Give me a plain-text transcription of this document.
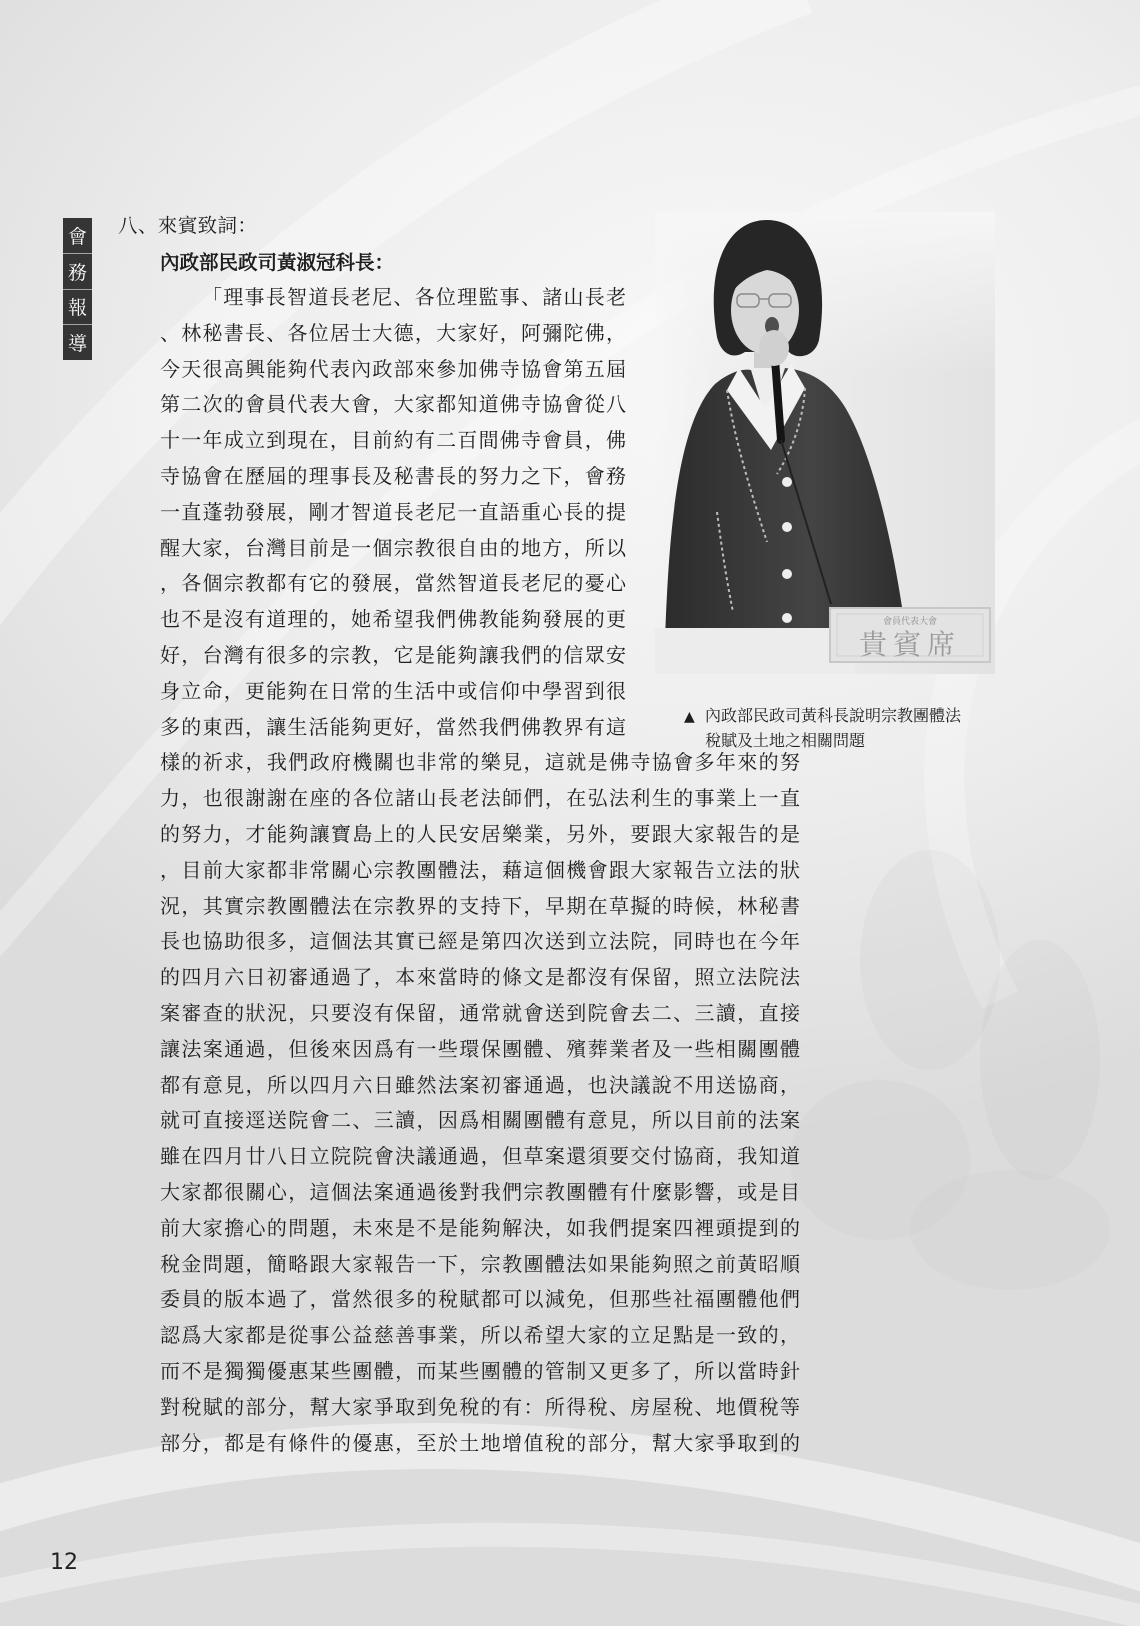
會
務
報
導
八、來賓致詞：
內政部民政司黃淑冠科長：
「理事長智道長老尼、各位理監事、諸山長老
、林秘書長、各位居士大德，大家好，阿彌陀佛，
今天很高興能夠代表內政部來參加佛寺協會第五屆
第二次的會員代表大會，大家都知道佛寺協會從八
十一年成立到現在，目前約有二百間佛寺會員，佛
寺協會在歷屆的理事長及秘書長的努力之下，會務
一直蓬勃發展，剛才智道長老尼一直語重心長的提
醒大家，台灣目前是一個宗教很自由的地方，所以
，各個宗教都有它的發展，當然智道長老尼的憂心
也不是沒有道理的，她希望我們佛教能夠發展的更
好，台灣有很多的宗教，它是能夠讓我們的信眾安
身立命，更能夠在日常的生活中或信仰中學習到很
多的東西，讓生活能夠更好，當然我們佛教界有這
樣的祈求，我們政府機關也非常的樂見，這就是佛寺協會多年來的努
力，也很謝謝在座的各位諸山長老法師們，在弘法利生的事業上一直
的努力，才能夠讓寶島上的人民安居樂業，另外，要跟大家報告的是
，目前大家都非常關心宗教團體法，藉這個機會跟大家報告立法的狀
況，其實宗教團體法在宗教界的支持下，早期在草擬的時候，林秘書
長也協助很多，這個法其實已經是第四次送到立法院，同時也在今年
的四月六日初審通過了，本來當時的條文是都沒有保留，照立法院法
案審查的狀況，只要沒有保留，通常就會送到院會去二、三讀，直接
讓法案通過，但後來因爲有一些環保團體、殯葬業者及一些相關團體
都有意見，所以四月六日雖然法案初審通過，也決議說不用送協商，
就可直接逕送院會二、三讀，因爲相關團體有意見，所以目前的法案
雖在四月廿八日立院院會決議通過，但草案還須要交付協商，我知道
大家都很關心，這個法案通過後對我們宗教團體有什麼影響，或是目
前大家擔心的問題，未來是不是能夠解決，如我們提案四裡頭提到的
稅金問題，簡略跟大家報告一下，宗教團體法如果能夠照之前黃昭順
委員的版本過了，當然很多的稅賦都可以減免，但那些社福團體他們
認爲大家都是從事公益慈善事業，所以希望大家的立足點是一致的，
而不是獨獨優惠某些團體，而某些團體的管制又更多了，所以當時針
對稅賦的部分，幫大家爭取到免稅的有：所得稅、房屋稅、地價稅等
部分，都是有條件的優惠，至於土地增值稅的部分，幫大家爭取到的
會員代表大會
貴賓席
▲ 內政部民政司黃科長說明宗教團體法
稅賦及土地之相關問題
12
